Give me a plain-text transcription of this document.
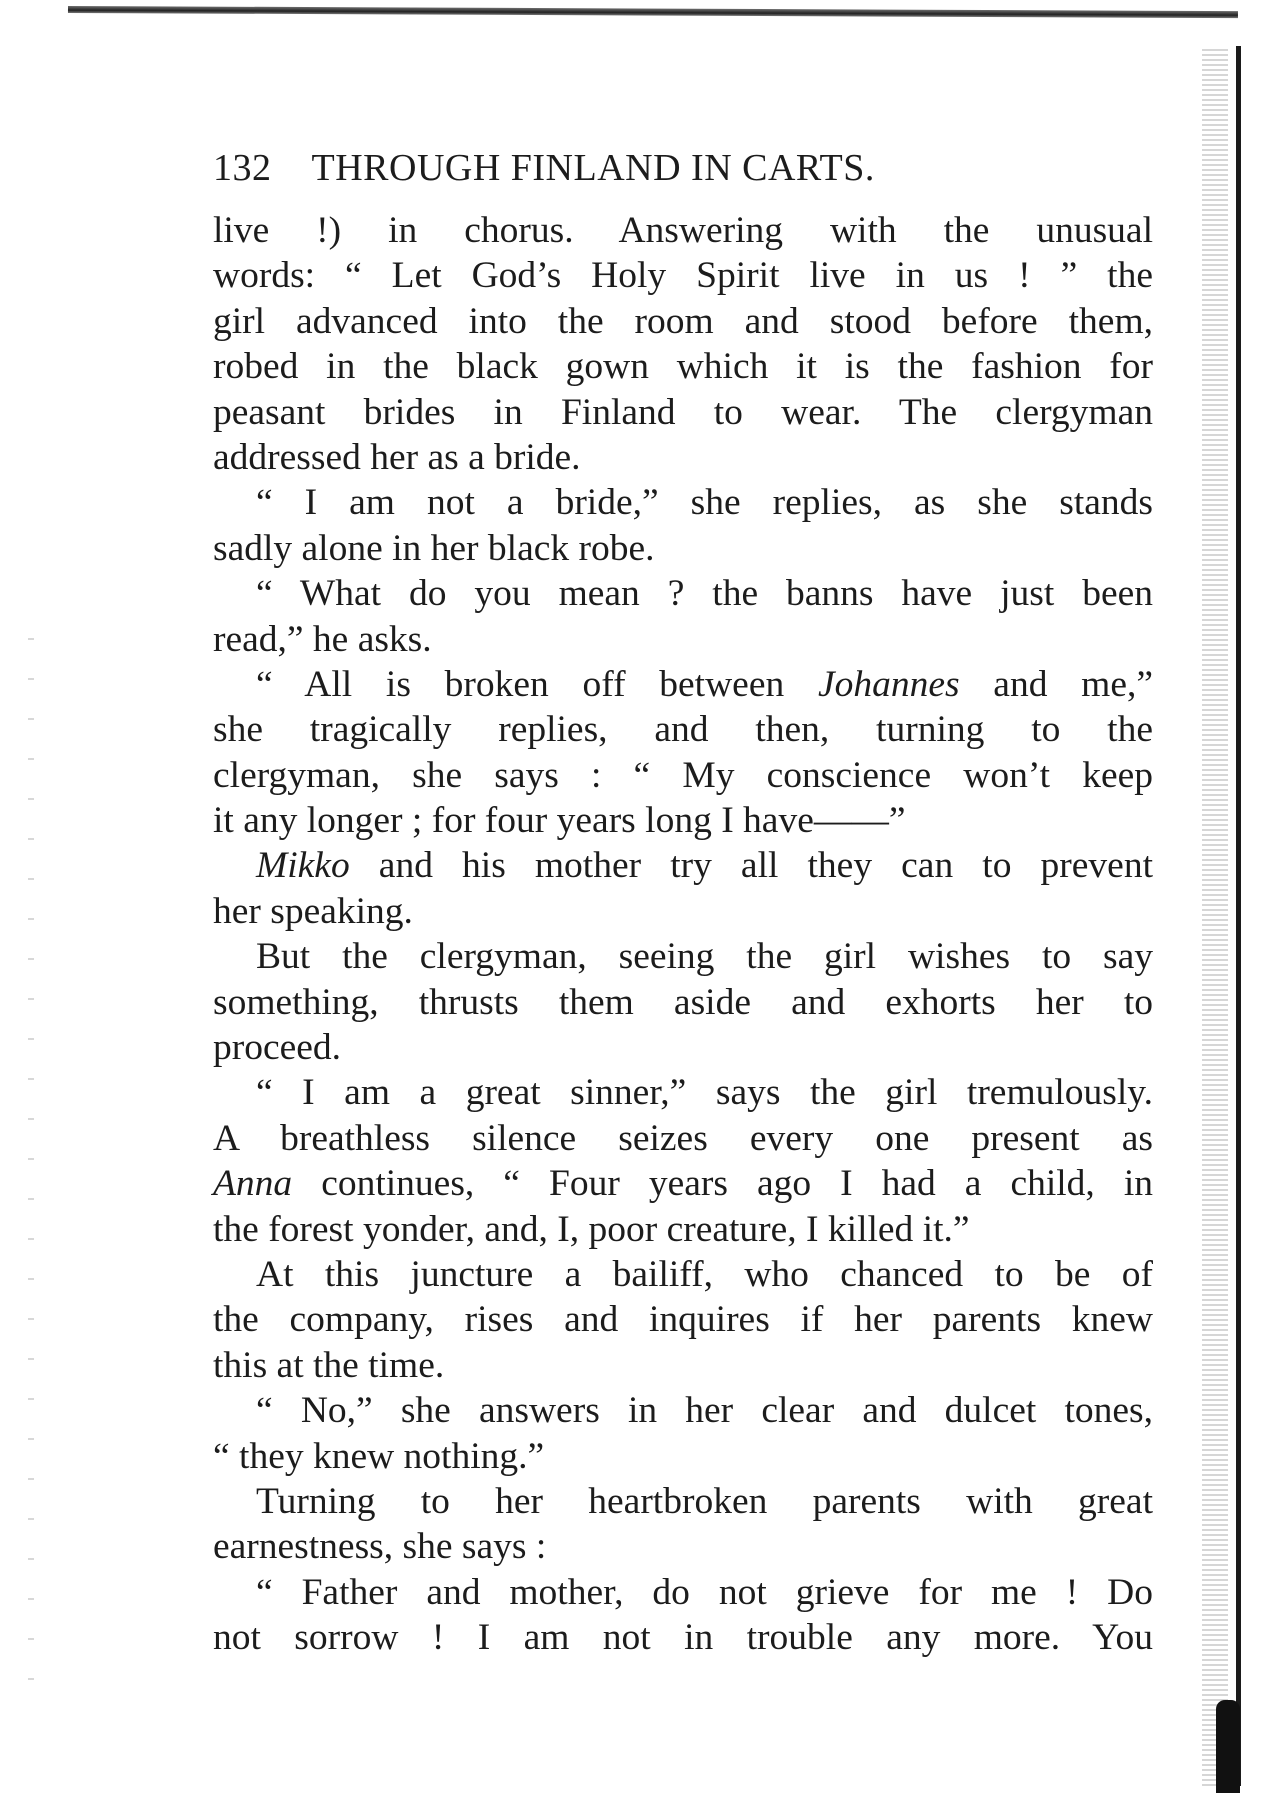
132 THROUGH FINLAND IN CARTS.
live !) in chorus. Answering with the unusual
words: “ Let God’s Holy Spirit live in us ! ” the
girl advanced into the room and stood before them,
robed in the black gown which it is the fashion for
peasant brides in Finland to wear. The clergyman
addressed her as a bride.
“ I am not a bride,” she replies, as she stands
sadly alone in her black robe.
“ What do you mean ? the banns have just been
read,” he asks.
“ All is broken off between Johannes and me,”
she tragically replies, and then, turning to the
clergyman, she says : “ My conscience won’t keep
it any longer ; for four years long I have——”
Mikko and his mother try all they can to prevent
her speaking.
But the clergyman, seeing the girl wishes to say
something, thrusts them aside and exhorts her to
proceed.
“ I am a great sinner,” says the girl tremulously.
A breathless silence seizes every one present as
Anna continues, “ Four years ago I had a child, in
the forest yonder, and, I, poor creature, I killed it.”
At this juncture a bailiff, who chanced to be of
the company, rises and inquires if her parents knew
this at the time.
“ No,” she answers in her clear and dulcet tones,
“ they knew nothing.”
Turning to her heartbroken parents with great
earnestness, she says :
“ Father and mother, do not grieve for me ! Do
not sorrow ! I am not in trouble any more. You
